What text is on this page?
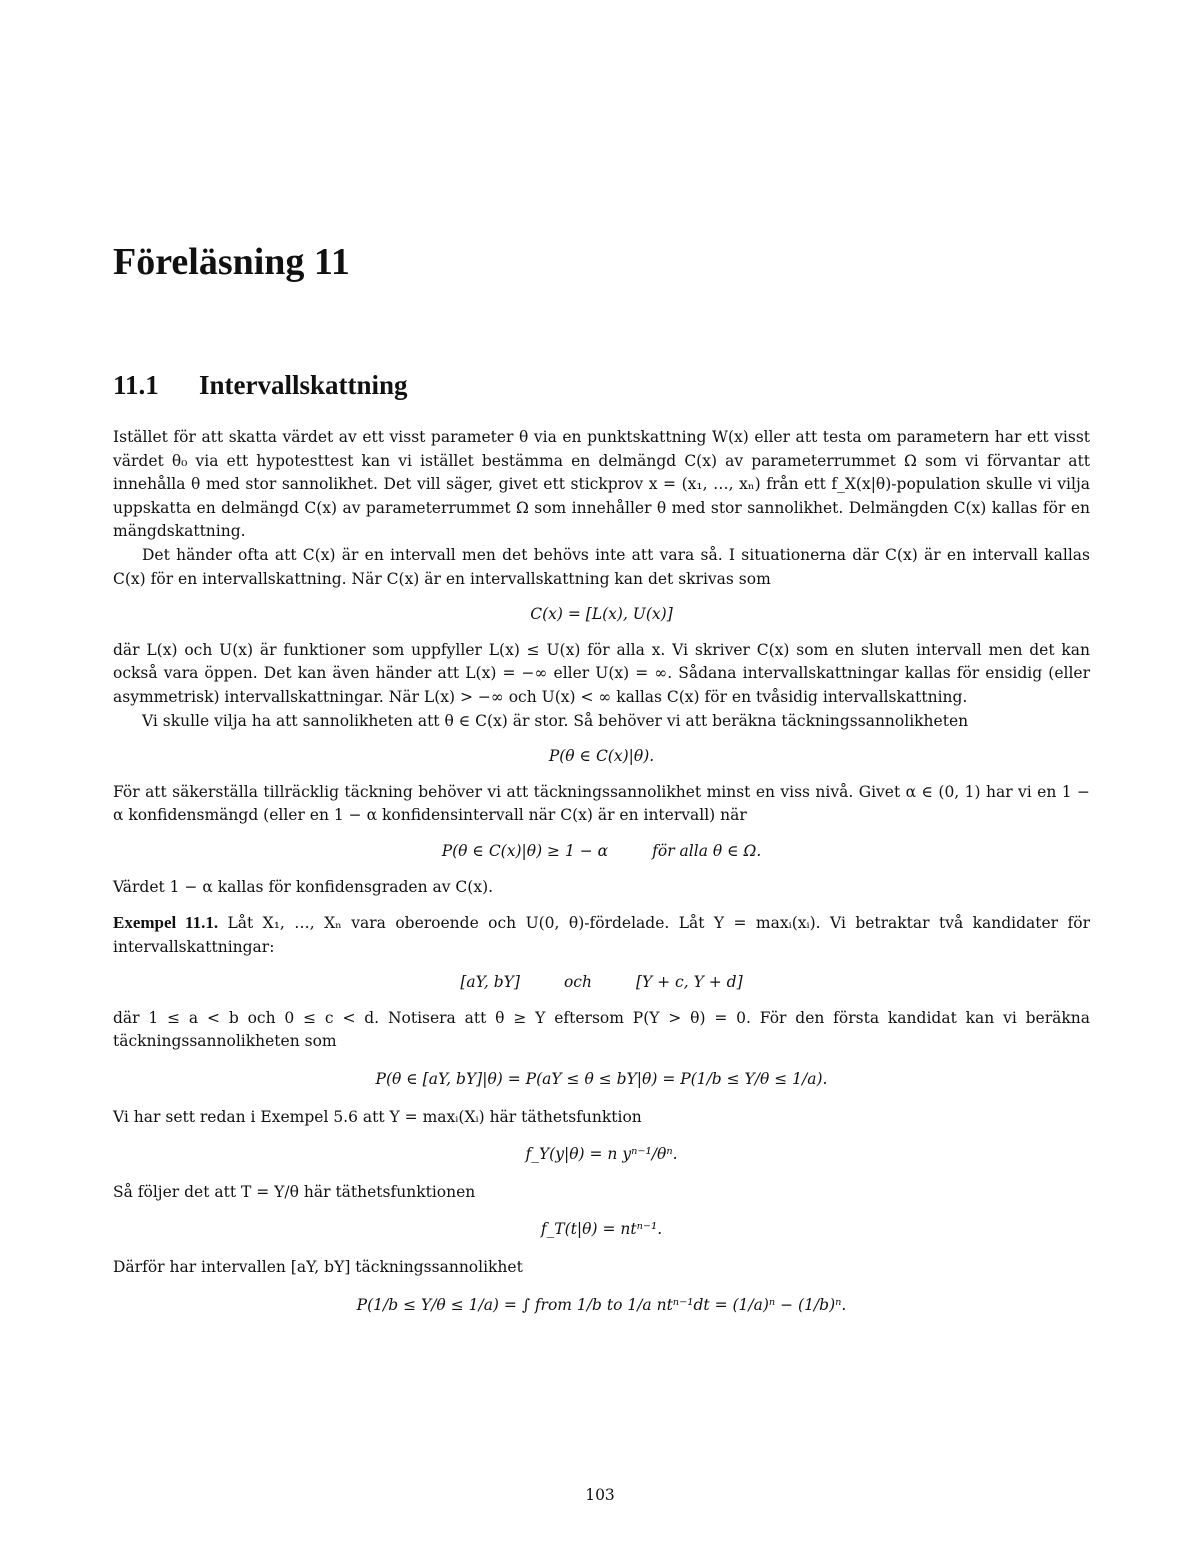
Föreläsning 11
11.1 Intervallskattning

Istället för att skatta värdet av ett visst parameter θ via en punktskattning W(x) eller att testa om parametern har ett visst värdet θ₀ via ett hypotesttest kan vi istället bestämma en delmängd C(x) av parameterrummet Ω som vi förvantar att innehålla θ med stor sannolikhet. Det vill säger, givet ett stickprov x = (x₁, …, xₙ) från ett f_X(x|θ)-population skulle vi vilja uppskatta en delmängd C(x) av parameterrummet Ω som innehåller θ med stor sannolikhet. Delmängden C(x) kallas för en mängdskattning.

Det händer ofta att C(x) är en intervall men det behövs inte att vara så. I situationerna där C(x) är en intervall kallas C(x) för en intervallskattning. När C(x) är en intervallskattning kan det skrivas som

C(x) = [L(x), U(x)]

där L(x) och U(x) är funktioner som uppfyller L(x) ≤ U(x) för alla x. Vi skriver C(x) som en sluten intervall men det kan också vara öppen. Det kan även händer att L(x) = −∞ eller U(x) = ∞. Sådana intervallskattningar kallas för ensidig (eller asymmetrisk) intervallskattningar. När L(x) > −∞ och U(x) < ∞ kallas C(x) för en tvåsidig intervallskattning.

Vi skulle vilja ha att sannolikheten att θ ∈ C(x) är stor. Så behöver vi att beräkna täckningssannolikheten

P(θ ∈ C(x)|θ).

För att säkerställa tillräcklig täckning behöver vi att täckningssannolikhet minst en viss nivå. Givet α ∈ (0, 1) har vi en 1 − α konfidensmängd (eller en 1 − α konfidensintervall när C(x) är en intervall) när

P(θ ∈ C(x)|θ) ≥ 1 − α	för alla θ ∈ Ω.

Värdet 1 − α kallas för konfidensgraden av C(x).

Exempel 11.1. Låt X₁, …, Xₙ vara oberoende och U(0, θ)-fördelade. Låt Y = maxᵢ(xᵢ). Vi betraktar två kandidater för intervallskattningar:

[aY, bY]	och	[Y + c, Y + d]

där 1 ≤ a < b och 0 ≤ c < d. Notisera att θ ≥ Y eftersom P(Y > θ) = 0. För den första kandidat kan vi beräkna täckningssannolikheten som

P(θ ∈ [aY, bY]|θ) = P(aY ≤ θ ≤ bY|θ) = P(1/b ≤ Y/θ ≤ 1/a).

Vi har sett redan i Exempel 5.6 att Y = maxᵢ(Xᵢ) här täthetsfunktion

f_Y(y|θ) = n yⁿ⁻¹/θⁿ.

Så följer det att T = Y/θ här täthetsfunktionen

f_T(t|θ) = ntⁿ⁻¹.

Därför har intervallen [aY, bY] täckningssannolikhet

P(1/b ≤ Y/θ ≤ 1/a) = ∫ from 1/b to 1/a ntⁿ⁻¹dt = (1/a)ⁿ − (1/b)ⁿ.
103
